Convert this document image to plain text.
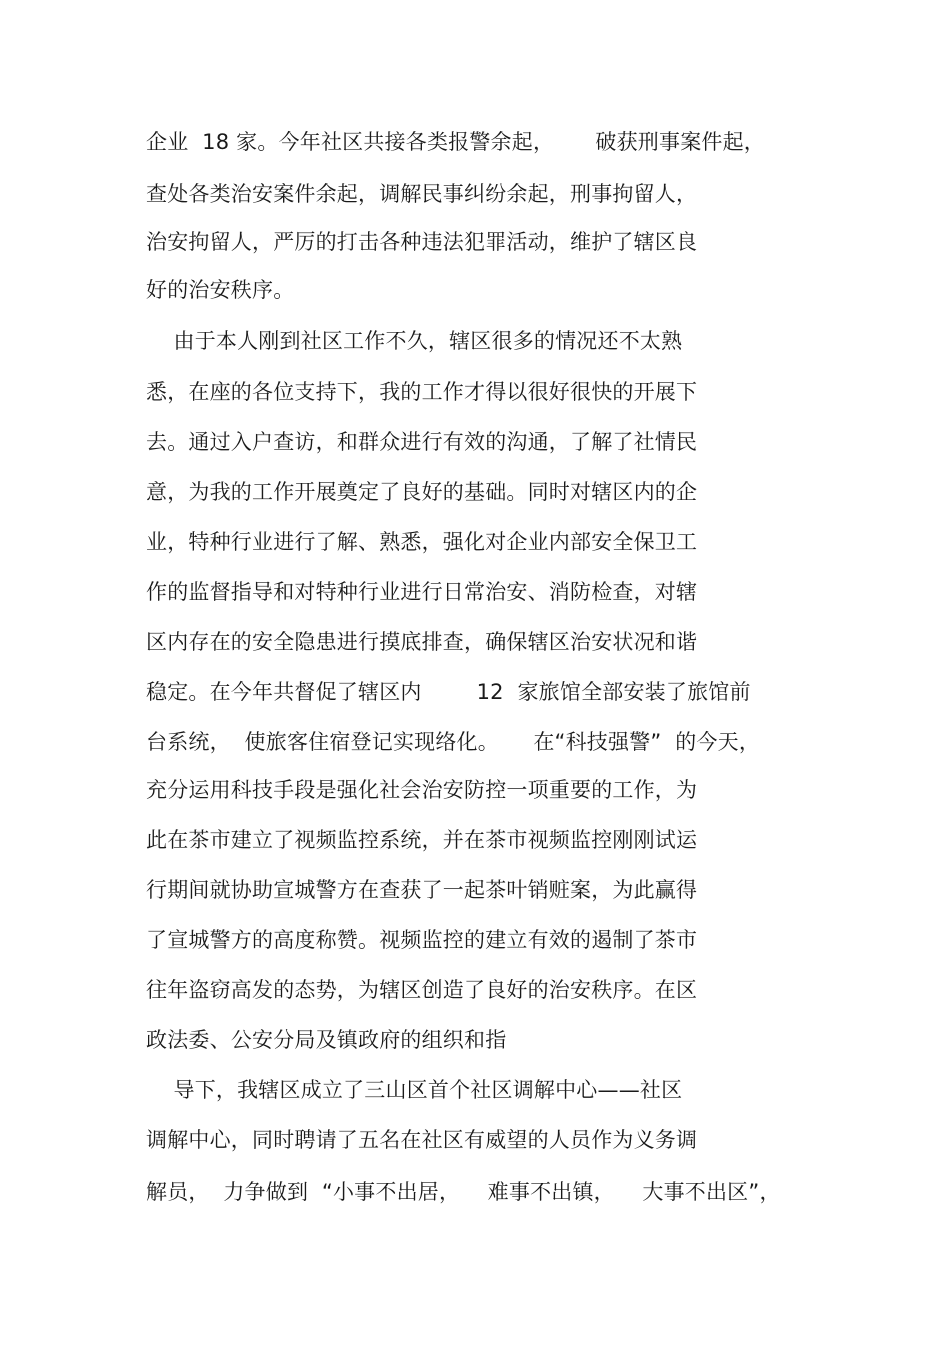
企业  18 家。今年社区共接各类报警余起，      破获刑事案件起，
查处各类治安案件余起，调解民事纠纷余起，刑事拘留人，
治安拘留人，严厉的打击各种违法犯罪活动，维护了辖区良
好的治安秩序。
由于本人刚到社区工作不久，辖区很多的情况还不太熟
悉，在座的各位支持下，我的工作才得以很好很快的开展下
去。通过入户查访，和群众进行有效的沟通，了解了社情民
意，为我的工作开展奠定了良好的基础。同时对辖区内的企
业，特种行业进行了解、熟悉，强化对企业内部安全保卫工
作的监督指导和对特种行业进行日常治安、消防检查，对辖
区内存在的安全隐患进行摸底排查，确保辖区治安状况和谐
稳定。在今年共督促了辖区内        12  家旅馆全部安装了旅馆前
台系统，  使旅客住宿登记实现络化。     在“科技强警”  的今天，
充分运用科技手段是强化社会治安防控一项重要的工作，为
此在茶市建立了视频监控系统，并在茶市视频监控刚刚试运
行期间就协助宣城警方在查获了一起茶叶销赃案，为此赢得
了宣城警方的高度称赞。视频监控的建立有效的遏制了茶市
往年盗窃高发的态势，为辖区创造了良好的治安秩序。在区
政法委、公安分局及镇政府的组织和指
导下，我辖区成立了三山区首个社区调解中心——社区
调解中心，同时聘请了五名在社区有威望的人员作为义务调
解员，  力争做到  “小事不出居，    难事不出镇，    大事不出区”，
